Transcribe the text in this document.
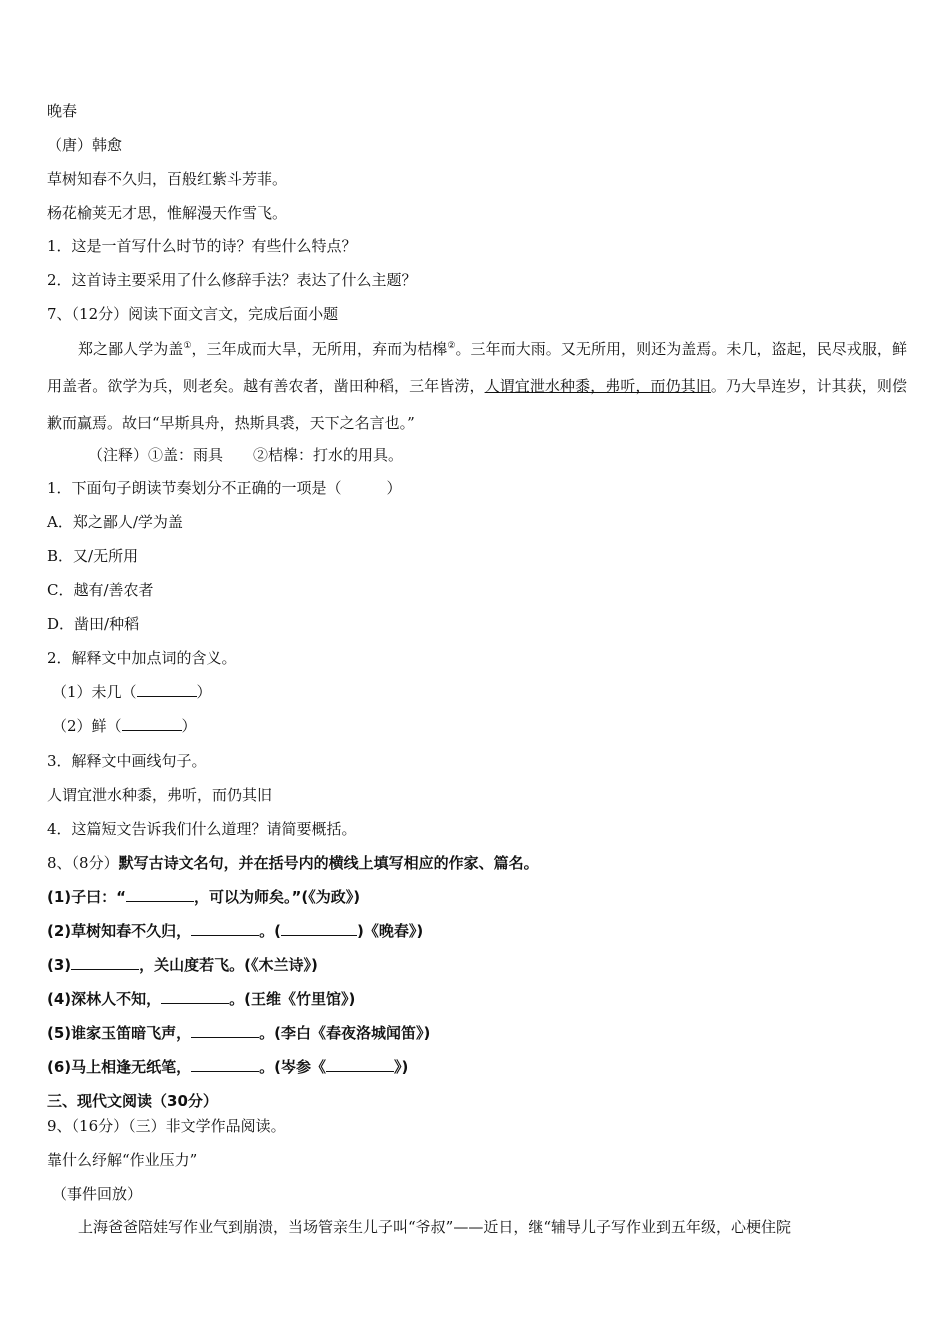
晚春
（唐）韩愈
草树知春不久归，百般红紫斗芳菲。
杨花榆荚无才思，惟解漫天作雪飞。
1．这是一首写什么时节的诗？有些什么特点？
2．这首诗主要采用了什么修辞手法？表达了什么主题？
7、（12分）阅读下面文言文，完成后面小题
郑之鄙人学为盖①，三年成而大旱，无所用，弃而为桔槔②。三年而大雨。又无所用，则还为盖焉。未几，盗起，民尽戎服，鲜用盖者。欲学为兵，则老矣。越有善农者，凿田种稻，三年皆涝，人谓宜泄水种黍，弗听，而仍其旧。乃大旱连岁，计其获，则偿歉而赢焉。故曰“早斯具舟，热斯具裘，天下之名言也。”
（注释）①盖：雨具　　②桔槔：打水的用具。
1．下面句子朗读节奏划分不正确的一项是（　　　）
A．郑之鄙人/学为盖
B．又/无所用
C．越有/善农者
D．凿田/种稻
2．解释文中加点词的含义。
（1）未几（	）
（2）鲜（	）
3．解释文中画线句子。
人谓宜泄水种黍，弗听，而仍其旧
4．这篇短文告诉我们什么道理？请简要概括。
8、（8分）默写古诗文名句，并在括号内的横线上填写相应的作家、篇名。
(1)子曰：“	，可以为师矣。”(《为政》)
(2)草树知春不久归，	。(	)《晚春》)
(3)	，关山度若飞。(《木兰诗》)
(4)深林人不知，	。(王维《竹里馆》)
(5)谁家玉笛暗飞声，	。(李白《春夜洛城闻笛》)
(6)马上相逢无纸笔，	。(岑参《	》)
三、现代文阅读（30分）
9、（16分）（三）非文学作品阅读。
靠什么纾解“作业压力”
（事件回放）
上海爸爸陪娃写作业气到崩溃，当场管亲生儿子叫“爷叔”——近日，继“辅导儿子写作业到五年级，心梗住院
